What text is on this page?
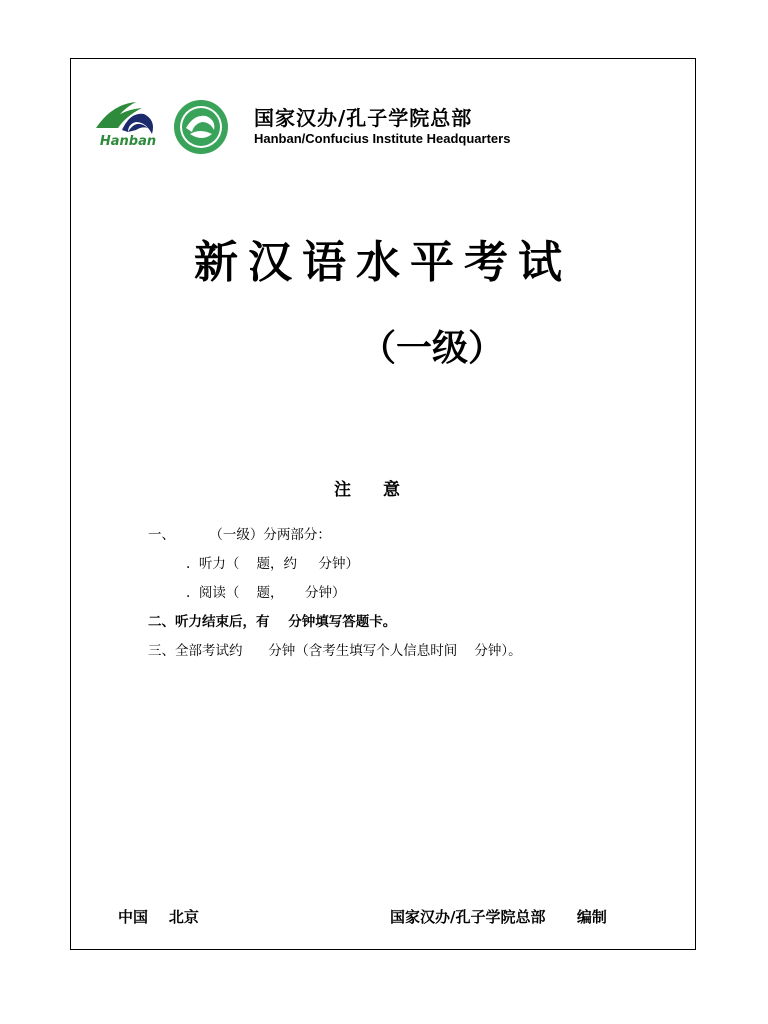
Hanban
国家汉办/孔子学院总部
Hanban/Confucius Institute Headquarters
新汉语水平考试
（一级）
注意
一、        （一级）分两部分：
.  听力（    题，约     分钟）
.  阅读（    题，     分钟）
二、听力结束后，有    分钟填写答题卡。
三、全部考试约      分钟（含考生填写个人信息时间    分钟）。
中国    北京	国家汉办/孔子学院总部      编制
